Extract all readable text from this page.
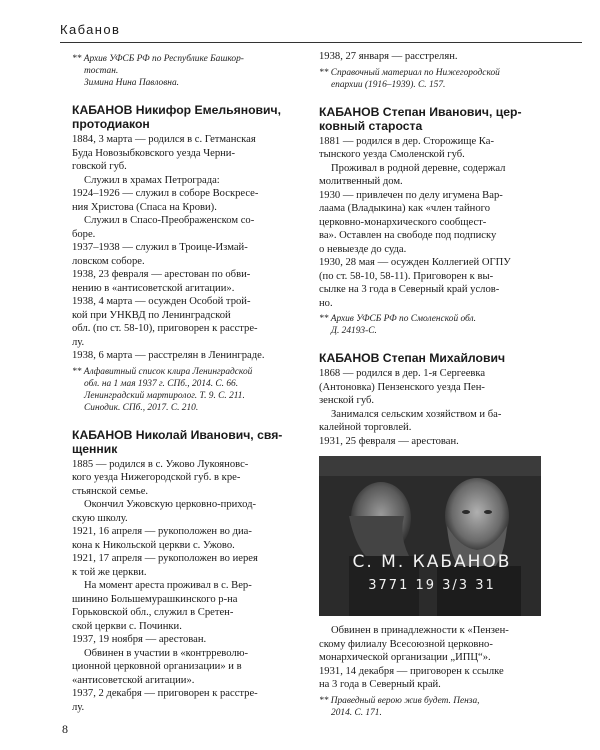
Кабанов

** Архив УФСБ РФ по Республике Башкор-

тостан.

Зимина Нина Павловна.

КАБАНОВ Никифор Емельянович,
протодиакон

1884, 3 марта — родился в с. Гетманская

Буда Новозыбковского уезда Черни-

говской губ.

Служил в храмах Петрограда:

1924–1926 — служил в соборе Воскресе-

ния Христова (Спаса на Крови).

Служил в Спасо-Преображенском со-

боре.

1937–1938 — служил в Троице-Измай-

ловском соборе.

1938, 23 февраля — арестован по обви-

нению в «антисоветской агитации».

1938, 4 марта — осужден Особой трой-

кой при УНКВД по Ленинградской

обл. (по ст. 58-10), приговорен к расстре-

лу.

1938, 6 марта — расстрелян в Ленинграде.

** Алфавитный список клира Ленинградской

обл. на 1 мая 1937 г. СПб., 2014. С. 66.

Ленинградский мартиролог. Т. 9. С. 211.

Синодик. СПб., 2017. С. 210.

КАБАНОВ Николай Иванович, свя-
щенник

1885 — родился в с. Ужово Лукояновс-

кого уезда Нижегородской губ. в кре-

стьянской семье.

Окончил Ужовскую церковно-приход-

скую школу.

1921, 16 апреля — рукоположен во диа-

кона к Никольской церкви с. Ужово.

1921, 17 апреля — рукоположен во иерея

к той же церкви.

На момент ареста проживал в с. Вер-

шинино Большемурашкинского р-на

Горьковской обл., служил в Сретен-

ской церкви с. Починки.

1937, 19 ноября — арестован.

Обвинен в участии в «контрреволю-

ционной церковной организации» и в

«антисоветской агитации».

1937, 2 декабря — приговорен к расстре-

лу.

1938, 27 января — расстрелян.

** Справочный материал по Нижегородской

епархии (1916–1939). С. 157.

КАБАНОВ Степан Иванович, цер-
ковный староста

1881 — родился в дер. Сторожище Ка-

тынского уезда Смоленской губ.

Проживал в родной деревне, содержал

молитвенный дом.

1930 — привлечен по делу игумена Вар-

лаама (Владыкина) как «член тайного

церковно-монархического сообщест-

ва». Оставлен на свободе под подписку

о невыезде до суда.

1930, 28 мая — осужден Коллегией ОГПУ

(по ст. 58-10, 58-11). Приговорен к вы-

сылке на 3 года в Северный край услов-

но.

** Архив УФСБ РФ по Смоленской обл.

Д. 24193-С.

КАБАНОВ Степан Михайлович

1868 — родился в дер. 1-я Сергеевка

(Антоновка) Пензенского уезда Пен-

зенской губ.

Занимался сельским хозяйством и ба-

калейной торговлей.

1931, 25 февраля — арестован.

С. М. КАБАНОВ
3771 19 3/3 31

Обвинен в принадлежности к «Пензен-

скому филиалу Всесоюзной церковно-

монархической организации „ИПЦ“».

1931, 14 декабря — приговорен к ссылке

на 3 года в Северный край.

** Праведный верою жив будет. Пенза,

2014. С. 171.

8
